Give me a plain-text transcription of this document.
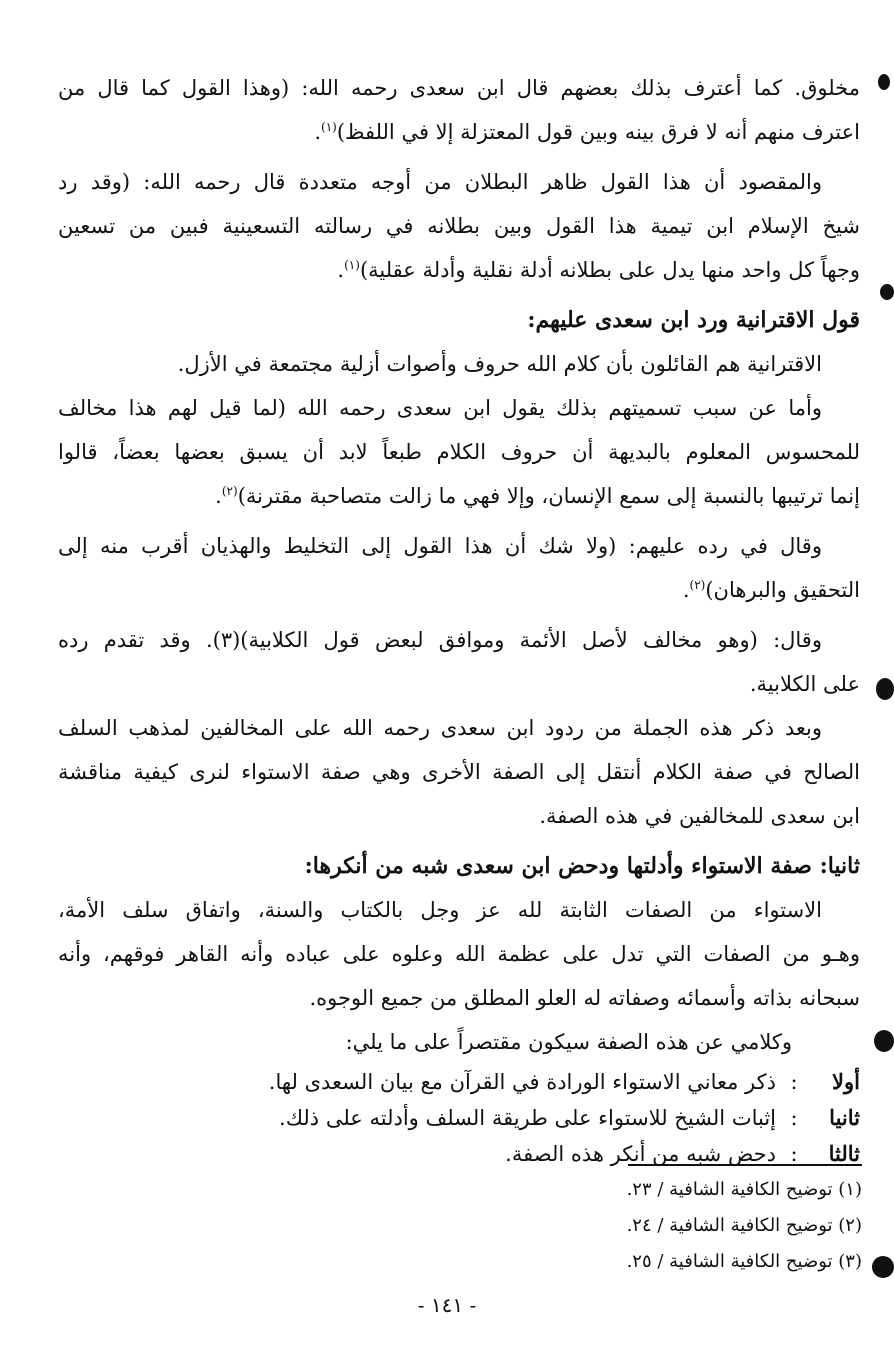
مخلوق. كما أعترف بذلك بعضهم قال ابن سعدى رحمه الله: (وهذا القول كما قال من
اعترف منهم أنه لا فرق بينه وبين قول المعتزلة إلا في اللفظ)$^{(١)}$.
والمقصود أن هذا القول ظاهر البطلان من أوجه متعددة قال رحمه الله: (وقد رد
شيخ الإسلام ابن تيمية هذا القول وبين بطلانه في رسالته التسعينية فبين من تسعين
وجهاً كل واحد منها يدل على بطلانه أدلة نقلية وأدلة عقلية)$^{(١)}$.
قول الاقترانية ورد ابن سعدى عليهم:
الاقترانية هم القائلون بأن كلام الله حروف وأصوات أزلية مجتمعة في الأزل.
وأما عن سبب تسميتهم بذلك يقول ابن سعدى رحمه الله (لما قيل لهم هذا مخالف
للمحسوس المعلوم بالبديهة أن حروف الكلام طبعاً لابد أن يسبق بعضها بعضاً، قالوا
إنما ترتيبها بالنسبة إلى سمع الإنسان، وإلا فهي ما زالت متصاحبة مقترنة)$^{(٢)}$.
وقال في رده عليهم: (ولا شك أن هذا القول إلى التخليط والهذيان أقرب منه إلى
التحقيق والبرهان)$^{(٢)}$.
وقال: (وهو مخالف لأصل الأئمة وموافق لبعض قول الكلابية)(٣). وقد تقدم رده
على الكلابية.
وبعد ذكر هذه الجملة من ردود ابن سعدى رحمه الله على المخالفين لمذهب السلف
الصالح في صفة الكلام أنتقل إلى الصفة الأخرى وهي صفة الاستواء لنرى كيفية مناقشة
ابن سعدى للمخالفين في هذه الصفة.
ثانيا: صفة الاستواء وأدلتها ودحض ابن سعدى شبه من أنكرها:
الاستواء من الصفات الثابتة لله عز وجل بالكتاب والسنة، واتفاق سلف الأمة،
وهـو من الصفات التي تدل على عظمة الله وعلوه على عباده وأنه القاهر فوقهم، وأنه
سبحانه بذاته وأسمائه وصفاته له العلو المطلق من جميع الوجوه.
وكلامي عن هذه الصفة سيكون مقتصراً على ما يلي:
أولا:ذكر معاني الاستواء الورادة في القرآن مع بيان السعدى لها.
ثانيا:إثبات الشيخ للاستواء على طريقة السلف وأدلته على ذلك.
ثالثا:دحض شبه من أنكر هذه الصفة.
(١) توضيح الكافية الشافية / ٢٣.
(٢) توضيح الكافية الشافية / ٢٤.
(٣) توضيح الكافية الشافية / ٢٥.
- ١٤١ -
